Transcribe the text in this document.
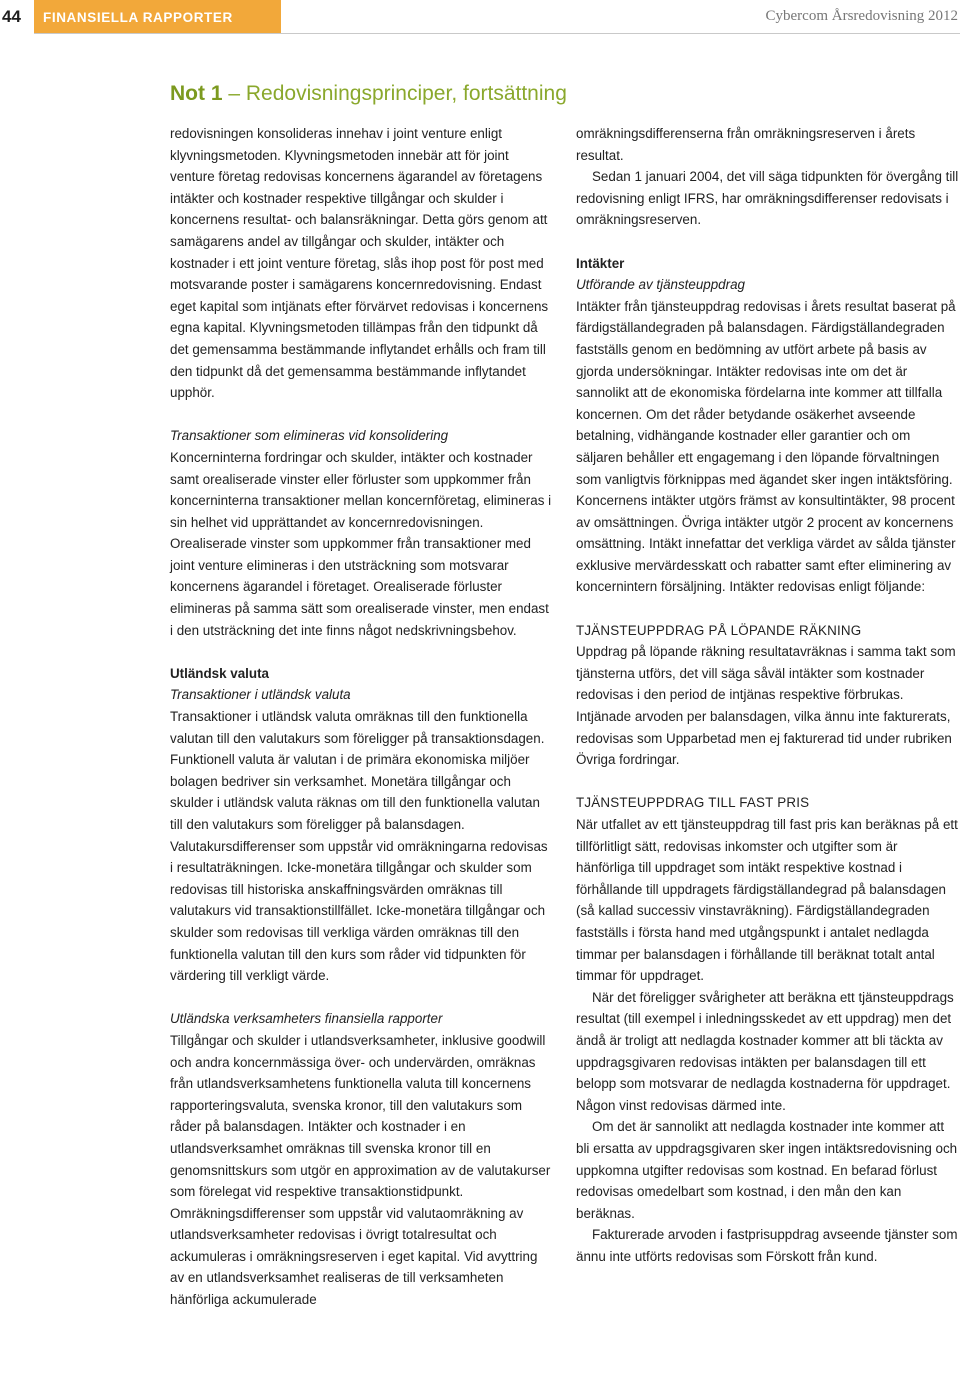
44	FINANSIELLA RAPPORTER	Cybercom Årsredovisning 2012
Not 1 – Redovisningsprinciper, fortsättning

redovisningen konsolideras innehav i joint venture enligt klyvningsmetoden. Klyvningsmetoden innebär att för joint venture företag redovisas koncernens ägarandel av företagens intäkter och kostnader respektive tillgångar och skulder i koncernens resultat- och balansräkningar. Detta görs genom att samägarens andel av tillgångar och skulder, intäkter och kostnader i ett joint venture företag, slås ihop post för post med motsvarande poster i samägarens koncernredovisning. Endast eget kapital som intjänats efter förvärvet redovisas i koncernens egna kapital. Klyvningsmetoden tillämpas från den tidpunkt då det gemensamma bestämmande inflytandet erhålls och fram till den tidpunkt då det gemensamma bestämmande inflytandet upphör.

Transaktioner som elimineras vid konsolidering

Koncerninterna fordringar och skulder, intäkter och kostnader samt orealiserade vinster eller förluster som uppkommer från koncerninterna transaktioner mellan koncernföretag, elimineras i sin helhet vid upprättandet av koncernredovisningen. Orealiserade vinster som uppkommer från transaktioner med joint venture elimineras i den utsträckning som motsvarar koncernens ägarandel i företaget. Orealiserade förluster elimineras på samma sätt som orealiserade vinster, men endast i den utsträckning det inte finns något nedskrivningsbehov.

Utländsk valuta

Transaktioner i utländsk valuta

Transaktioner i utländsk valuta omräknas till den funktionella valutan till den valutakurs som föreligger på transaktionsdagen. Funktionell valuta är valutan i de primära ekonomiska miljöer bolagen bedriver sin verksamhet. Monetära tillgångar och skulder i utländsk valuta räknas om till den funktionella valutan till den valutakurs som föreligger på balansdagen. Valutakursdifferenser som uppstår vid omräkningarna redovisas i resultaträkningen. Icke-monetära tillgångar och skulder som redovisas till historiska anskaffningsvärden omräknas till valutakurs vid transaktionstillfället. Icke-monetära tillgångar och skulder som redovisas till verkliga värden omräknas till den funktionella valutan till den kurs som råder vid tidpunkten för värdering till verkligt värde.

Utländska verksamheters finansiella rapporter

Tillgångar och skulder i utlandsverksamheter, inklusive goodwill och andra koncernmässiga över- och undervärden, omräknas från utlandsverksamhetens funktionella valuta till koncernens rapporteringsvaluta, svenska kronor, till den valutakurs som råder på balansdagen. Intäkter och kostnader i en utlandsverksamhet omräknas till svenska kronor till en genomsnittskurs som utgör en approximation av de valutakurser som förelegat vid respektive transaktionstidpunkt. Omräkningsdifferenser som uppstår vid valutaomräkning av utlandsverksamheter redovisas i övrigt totalresultat och ackumuleras i omräkningsreserven i eget kapital. Vid avyttring av en utlandsverksamhet realiseras de till verksamheten hänförliga ackumulerade

omräkningsdifferenserna från omräkningsreserven i årets resultat.

Sedan 1 januari 2004, det vill säga tidpunkten för övergång till redovisning enligt IFRS, har omräkningsdifferenser redovisats i omräkningsreserven.

Intäkter

Utförande av tjänsteuppdrag

Intäkter från tjänsteuppdrag redovisas i årets resultat baserat på färdigställandegraden på balansdagen. Färdigställandegraden fastställs genom en bedömning av utfört arbete på basis av gjorda undersökningar. Intäkter redovisas inte om det är sannolikt att de ekonomiska fördelarna inte kommer att tillfalla koncernen. Om det råder betydande osäkerhet avseende betalning, vidhängande kostnader eller garantier och om säljaren behåller ett engagemang i den löpande förvaltningen som vanligtvis förknippas med ägandet sker ingen intäktsföring. Koncernens intäkter utgörs främst av konsultintäkter, 98 procent av omsättningen. Övriga intäkter utgör 2 procent av koncernens omsättning. Intäkt innefattar det verkliga värdet av sålda tjänster exklusive mervärdesskatt och rabatter samt efter eliminering av koncernintern försäljning. Intäkter redovisas enligt följande:

TJÄNSTEUPPDRAG PÅ LÖPANDE RÄKNING

Uppdrag på löpande räkning resultatavräknas i samma takt som tjänsterna utförs, det vill säga såväl intäkter som kostnader redovisas i den period de intjänas respektive förbrukas. Intjänade arvoden per balansdagen, vilka ännu inte fakturerats, redovisas som Upparbetad men ej fakturerad tid under rubriken Övriga fordringar.

TJÄNSTEUPPDRAG TILL FAST PRIS

När utfallet av ett tjänsteuppdrag till fast pris kan beräknas på ett tillförlitligt sätt, redovisas inkomster och utgifter som är hänförliga till uppdraget som intäkt respektive kostnad i förhållande till uppdragets färdigställandegrad på balansdagen (så kallad successiv vinstavräkning). Färdigställandegraden fastställs i första hand med utgångspunkt i antalet nedlagda timmar per balansdagen i förhållande till beräknat totalt antal timmar för uppdraget.

När det föreligger svårigheter att beräkna ett tjänsteuppdrags resultat (till exempel i inledningsskedet av ett uppdrag) men det ändå är troligt att nedlagda kostnader kommer att bli täckta av uppdragsgivaren redovisas intäkten per balansdagen till ett belopp som motsvarar de nedlagda kostnaderna för uppdraget. Någon vinst redovisas därmed inte.

Om det är sannolikt att nedlagda kostnader inte kommer att bli ersatta av uppdragsgivaren sker ingen intäktsredovisning och uppkomna utgifter redovisas som kostnad. En befarad förlust redovisas omedelbart som kostnad, i den mån den kan beräknas.

Fakturerade arvoden i fastprisuppdrag avseende tjänster som ännu inte utförts redovisas som Förskott från kund.
